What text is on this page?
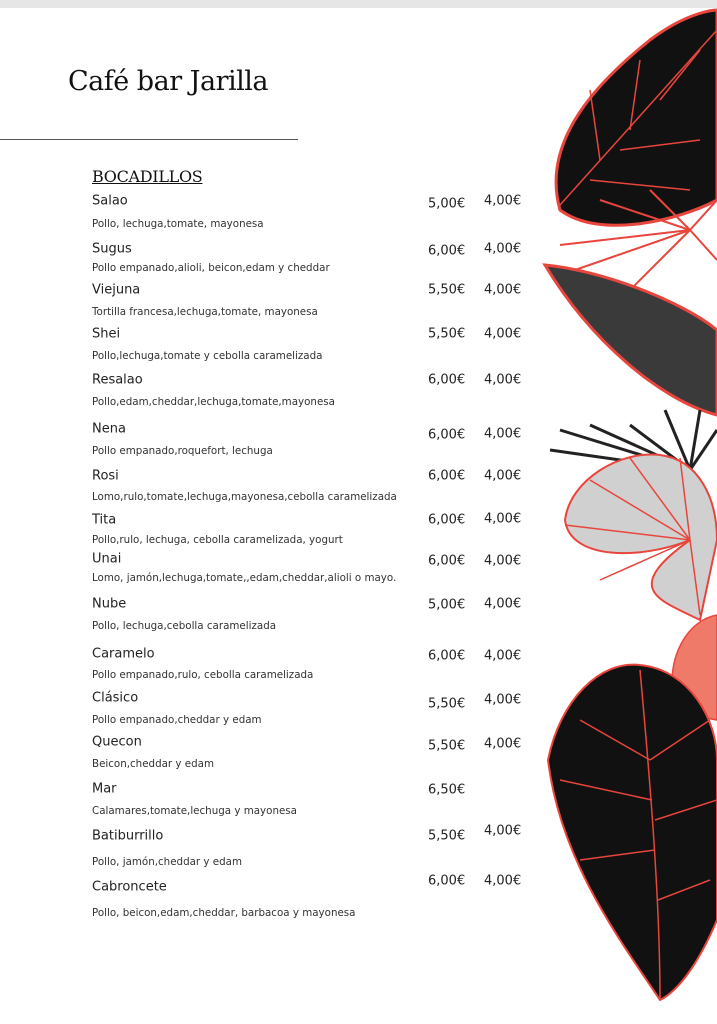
Café bar Jarilla
BOCADILLOS
Salao
Pollo, lechuga,tomate, mayonesa
5,00€ 4,00€
Sugus
Pollo empanado,alioli, beicon,edam y cheddar
6,00€ 4,00€
Viejuna
Tortilla francesa,lechuga,tomate, mayonesa
5,50€ 4,00€
Shei
Pollo,lechuga,tomate y cebolla caramelizada
5,50€ 4,00€
Resalao
Pollo,edam,cheddar,lechuga,tomate,mayonesa
6,00€ 4,00€
Nena
Pollo empanado,roquefort, lechuga
6,00€ 4,00€
Rosi
Lomo,rulo,tomate,lechuga,mayonesa,cebolla caramelizada
6,00€ 4,00€
Tita
Pollo,rulo, lechuga, cebolla caramelizada, yogurt
6,00€ 4,00€
Unai
Lomo, jamón,lechuga,tomate,,edam,cheddar,alioli o mayo.
6,00€ 4,00€
Nube
Pollo, lechuga,cebolla caramelizada
5,00€ 4,00€
Caramelo
Pollo empanado,rulo, cebolla caramelizada
6,00€ 4,00€
Clásico
Pollo empanado,cheddar y edam
5,50€ 4,00€
Quecon
Beicon,cheddar y edam
5,50€ 4,00€
Mar
Calamares,tomate,lechuga y mayonesa
6,50€
Batiburrillo
Pollo, jamón,cheddar y edam
5,50€ 4,00€
Cabroncete
Pollo, beicon,edam,cheddar, barbacoa y mayonesa
6,00€ 4,00€
